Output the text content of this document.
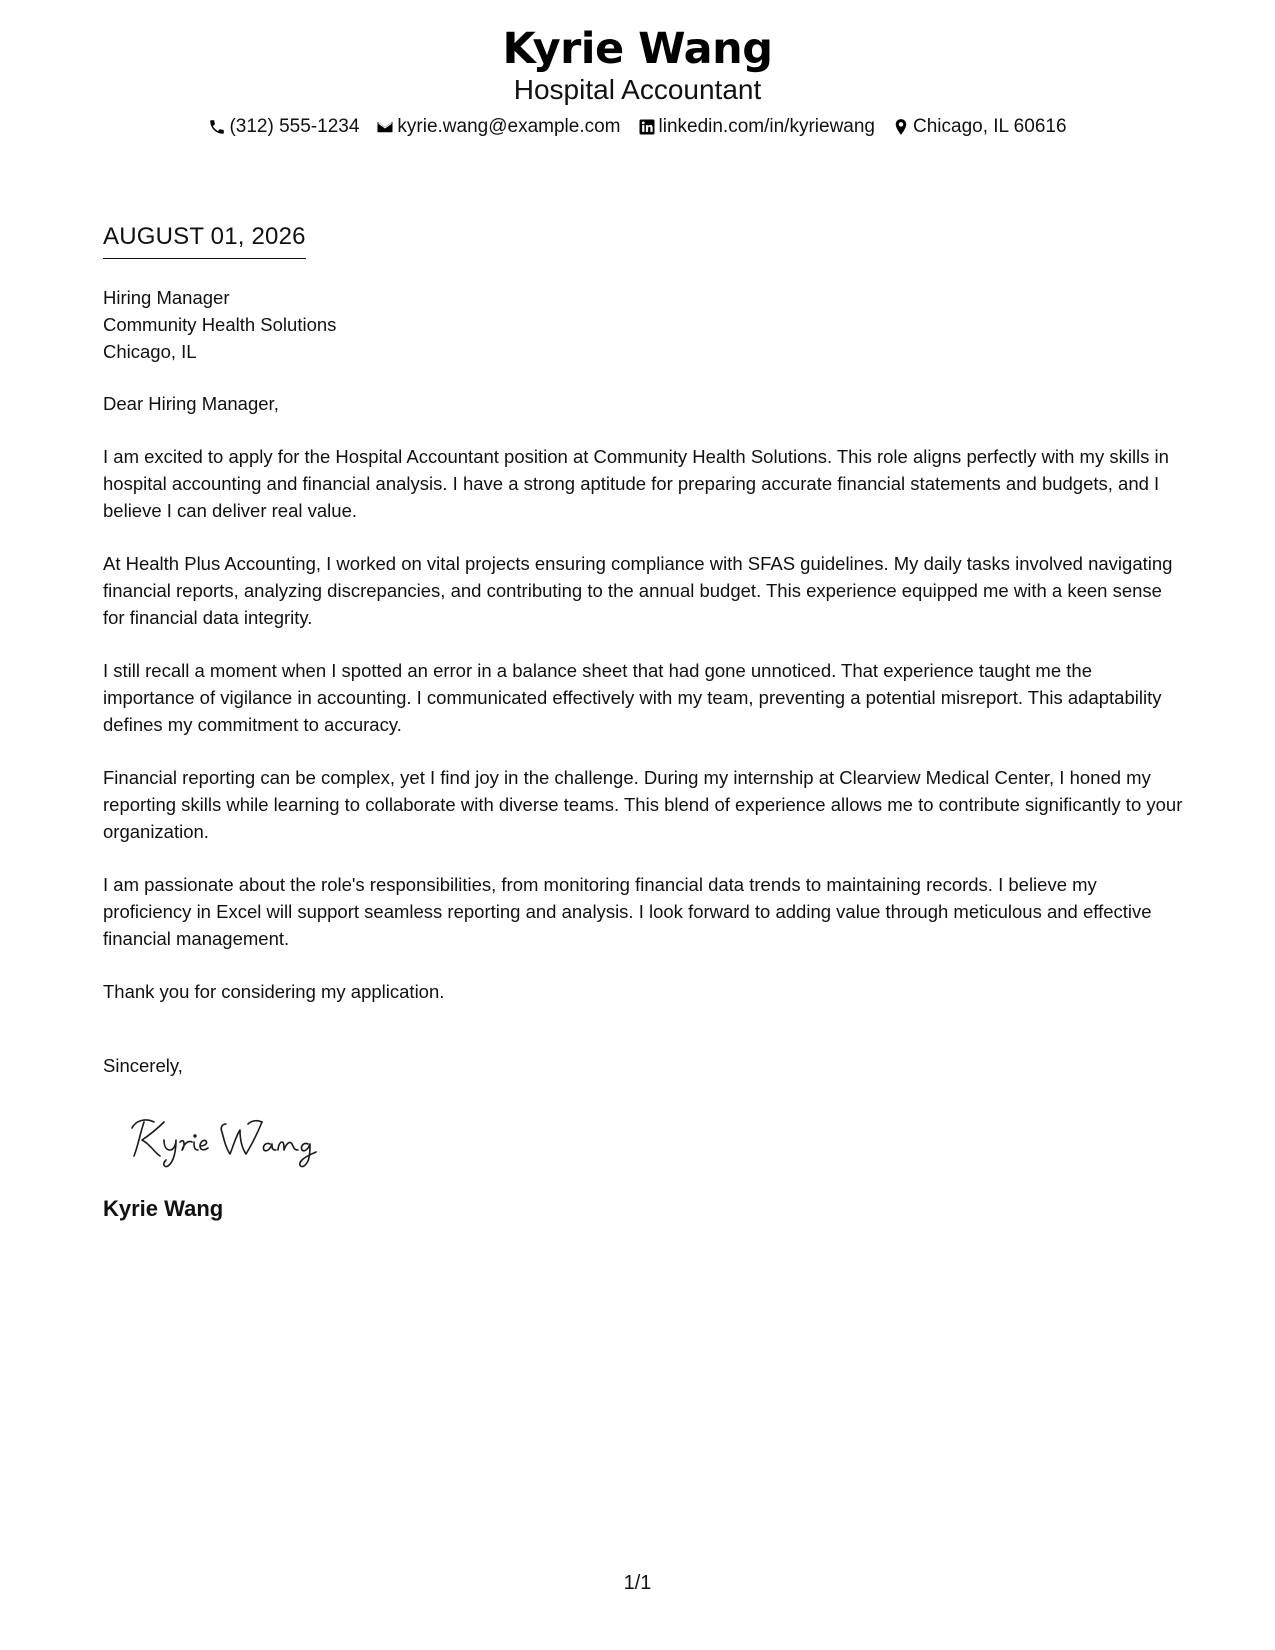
Kyrie Wang
Hospital Accountant
(312) 555-1234 kyrie.wang@example.com linkedin.com/in/kyriewang Chicago, IL 60616
AUGUST 01, 2026
Hiring Manager
Community Health Solutions
Chicago, IL

Dear Hiring Manager,

I am excited to apply for the Hospital Accountant position at Community Health Solutions. This role aligns perfectly with my skills in hospital accounting and financial analysis. I have a strong aptitude for preparing accurate financial statements and budgets, and I believe I can deliver real value.

At Health Plus Accounting, I worked on vital projects ensuring compliance with SFAS guidelines. My daily tasks involved navigating financial reports, analyzing discrepancies, and contributing to the annual budget. This experience equipped me with a keen sense for financial data integrity.

I still recall a moment when I spotted an error in a balance sheet that had gone unnoticed. That experience taught me the importance of vigilance in accounting. I communicated effectively with my team, preventing a potential misreport. This adaptability defines my commitment to accuracy.

Financial reporting can be complex, yet I find joy in the challenge. During my internship at Clearview Medical Center, I honed my reporting skills while learning to collaborate with diverse teams. This blend of experience allows me to contribute significantly to your organization.

I am passionate about the role's responsibilities, from monitoring financial data trends to maintaining records. I believe my proficiency in Excel will support seamless reporting and analysis. I look forward to adding value through meticulous and effective financial management.

Thank you for considering my application.

Sincerely,
Kyrie Wang
1/1
